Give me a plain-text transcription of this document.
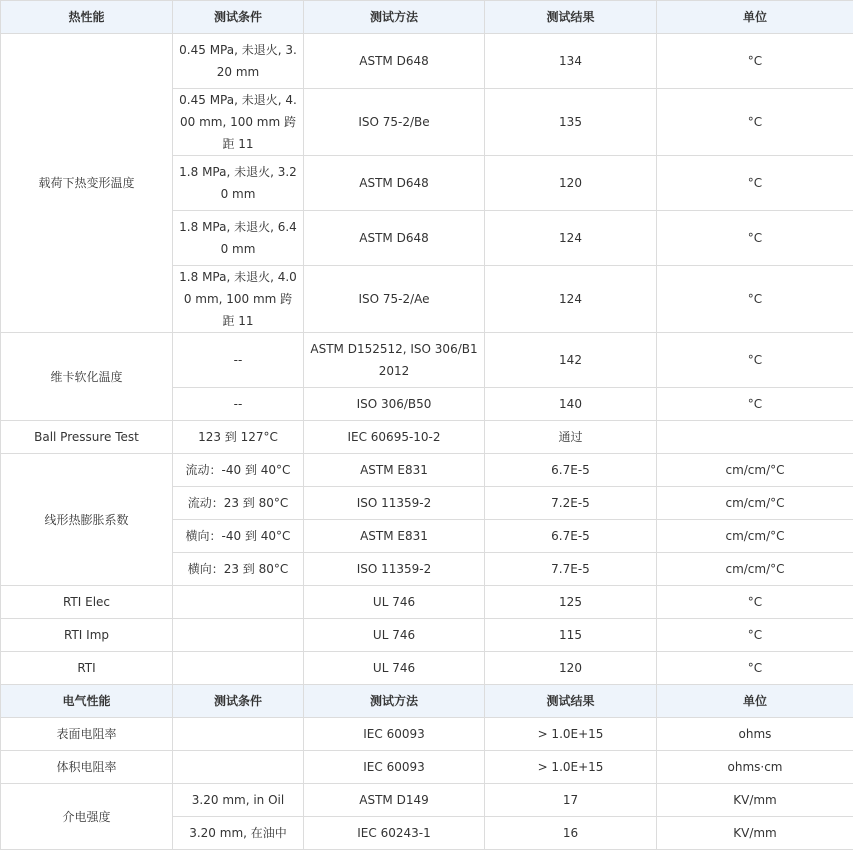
热性能	测试条件	测试方法	测试结果	单位
载荷下热变形温度	0.45 MPa, 未退火, 3.20 mm	ASTM D648	134	°C
	0.45 MPa, 未退火, 4.00 mm, 100 mm 跨距 11	ISO 75-2/Be	135	°C
	1.8 MPa, 未退火, 3.20 mm	ASTM D648	120	°C
	1.8 MPa, 未退火, 6.40 mm	ASTM D648	124	°C
	1.8 MPa, 未退火, 4.00 mm, 100 mm 跨距 11	ISO 75-2/Ae	124	°C
维卡软化温度	--	ASTM D152512, ISO 306/B12012	142	°C
	--	ISO 306/B50	140	°C
Ball Pressure Test	123 到 127°C	IEC 60695-10-2	通过	
线形热膨胀系数	流动：-40 到 40°C	ASTM E831	6.7E-5	cm/cm/°C
	流动：23 到 80°C	ISO 11359-2	7.2E-5	cm/cm/°C
	横向：-40 到 40°C	ASTM E831	6.7E-5	cm/cm/°C
	横向：23 到 80°C	ISO 11359-2	7.7E-5	cm/cm/°C
RTI Elec		UL 746	125	°C
RTI Imp		UL 746	115	°C
RTI		UL 746	120	°C
电气性能	测试条件	测试方法	测试结果	单位
表面电阻率		IEC 60093	> 1.0E+15	ohms
体积电阻率		IEC 60093	> 1.0E+15	ohms·cm
介电强度	3.20 mm, in Oil	ASTM D149	17	KV/mm
	3.20 mm, 在油中	IEC 60243-1	16	KV/mm
